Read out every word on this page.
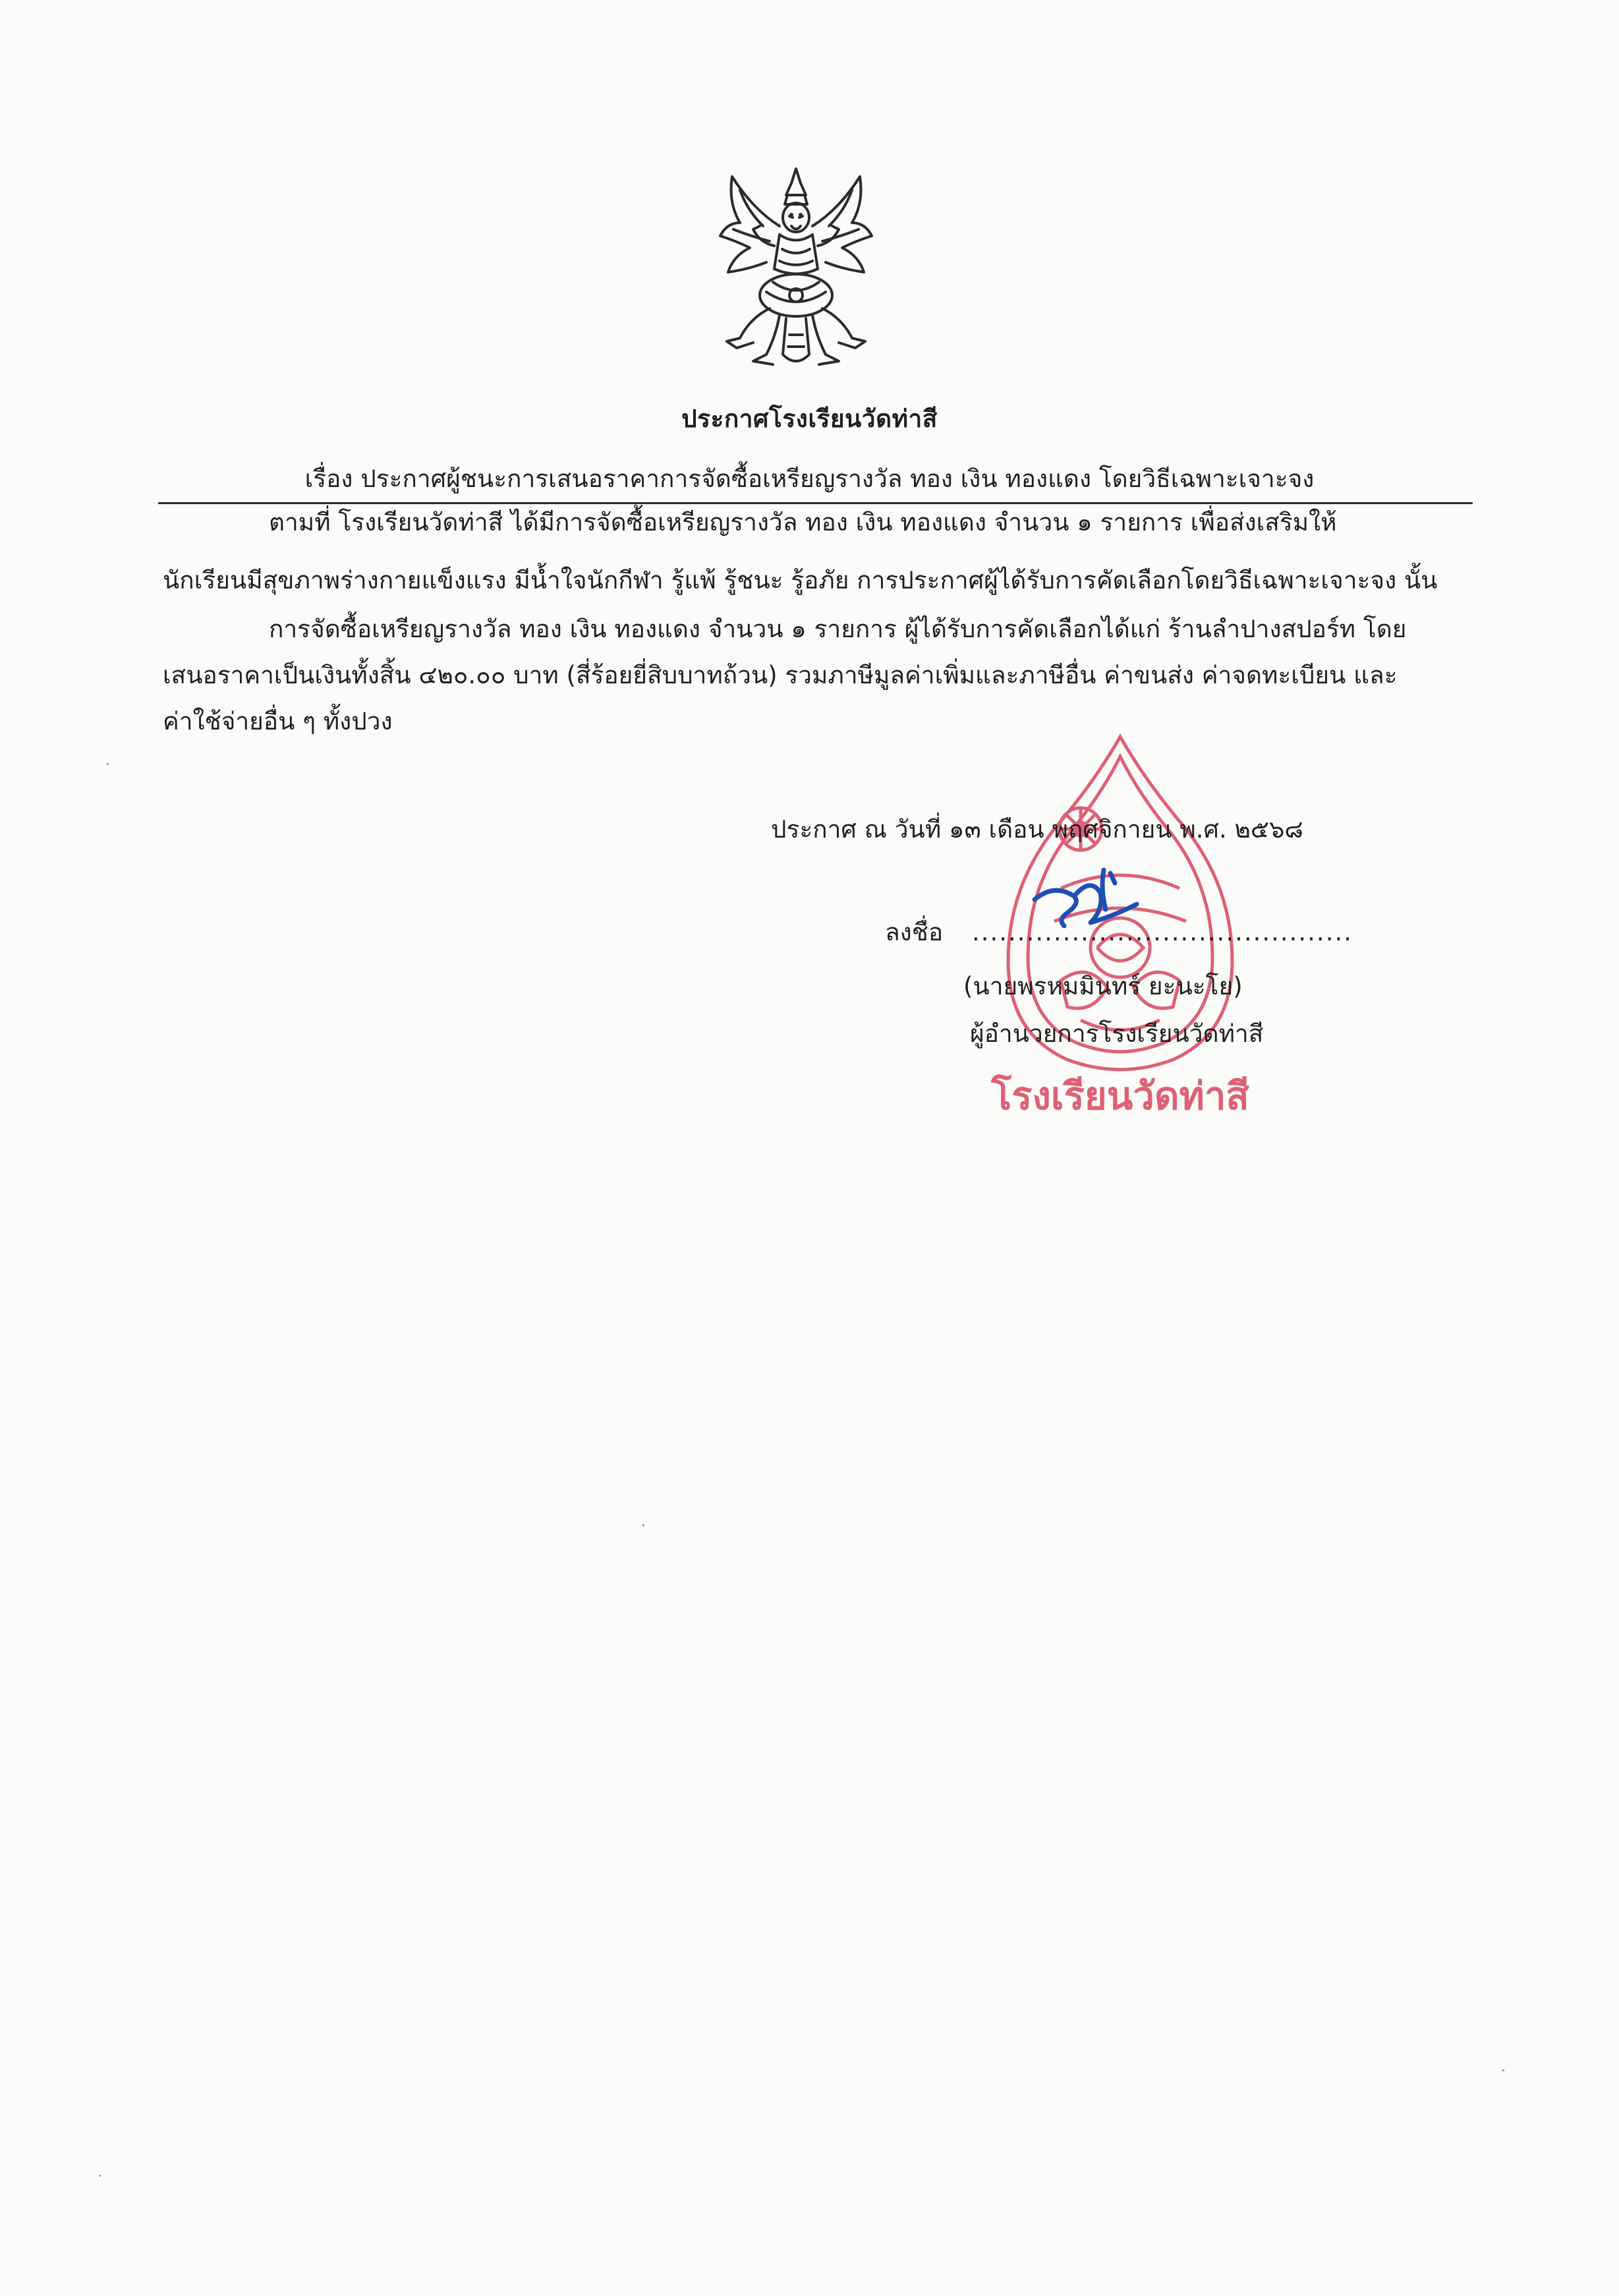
ประกาศโรงเรียนวัดท่าสี
เรื่อง ประกาศผู้ชนะการเสนอราคาการจัดซื้อเหรียญรางวัล ทอง เงิน ทองแดง โดยวิธีเฉพาะเจาะจง
ตามที่ โรงเรียนวัดท่าสี ได้มีการจัดซื้อเหรียญรางวัล ทอง เงิน ทองแดง จำนวน ๑ รายการ เพื่อส่งเสริมให้
นักเรียนมีสุขภาพร่างกายแข็งแรง มีน้ำใจนักกีฬา รู้แพ้ รู้ชนะ รู้อภัย การประกาศผู้ได้รับการคัดเลือกโดยวิธีเฉพาะเจาะจง นั้น
การจัดซื้อเหรียญรางวัล ทอง เงิน ทองแดง จำนวน ๑ รายการ ผู้ได้รับการคัดเลือกได้แก่ ร้านลำปางสปอร์ท โดย
เสนอราคาเป็นเงินทั้งสิ้น ๔๒๐.๐๐ บาท (สี่ร้อยยี่สิบบาทถ้วน) รวมภาษีมูลค่าเพิ่มและภาษีอื่น ค่าขนส่ง ค่าจดทะเบียน และ
ค่าใช้จ่ายอื่น ๆ ทั้งปวง
โรงเรียนวัดท่าสี
ประกาศ ณ วันที่ ๑๓ เดือน พฤศจิกายน พ.ศ. ๒๕๖๘
ลงชื่อ ..........................................
(นายพรหมมินทร์ ยะนะโย)
ผู้อำนวยการโรงเรียนวัดท่าสี
